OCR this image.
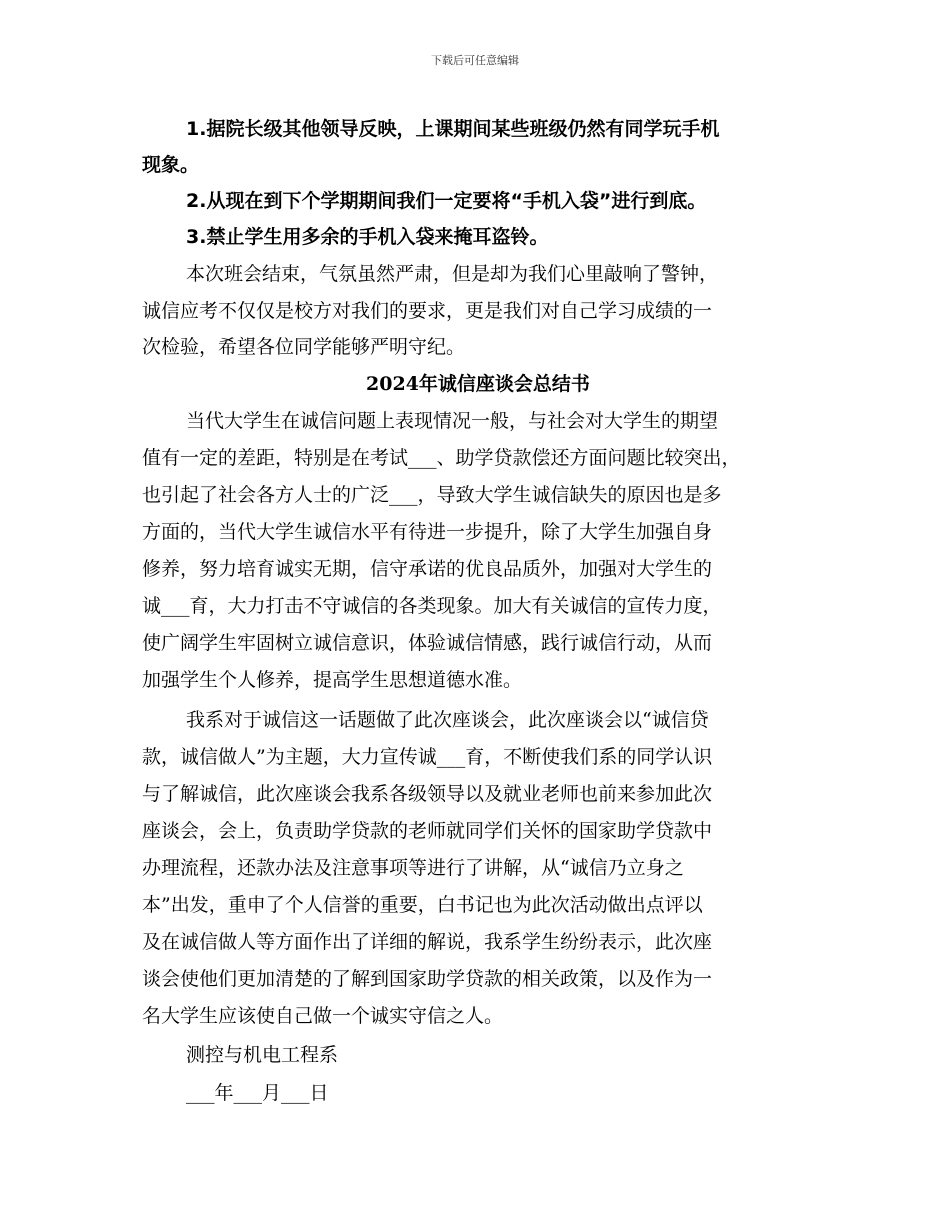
下载后可任意编辑
1.据院长级其他领导反映，上课期间某些班级仍然有同学玩手机
现象。
2.从现在到下个学期期间我们一定要将“手机入袋”进行到底。
3.禁止学生用多余的手机入袋来掩耳盗铃。
本次班会结束，气氛虽然严肃，但是却为我们心里敲响了警钟，
诚信应考不仅仅是校方对我们的要求，更是我们对自己学习成绩的一
次检验，希望各位同学能够严明守纪。
2024年诚信座谈会总结书
当代大学生在诚信问题上表现情况一般，与社会对大学生的期望
值有一定的差距，特别是在考试___、助学贷款偿还方面问题比较突出，
也引起了社会各方人士的广泛___，导致大学生诚信缺失的原因也是多
方面的，当代大学生诚信水平有待进一步提升，除了大学生加强自身
修养，努力培育诚实无期，信守承诺的优良品质外，加强对大学生的
诚___育，大力打击不守诚信的各类现象。加大有关诚信的宣传力度，
使广阔学生牢固树立诚信意识，体验诚信情感，践行诚信行动，从而
加强学生个人修养，提高学生思想道德水准。
我系对于诚信这一话题做了此次座谈会，此次座谈会以“诚信贷
款，诚信做人”为主题，大力宣传诚___育，不断使我们系的同学认识
与了解诚信，此次座谈会我系各级领导以及就业老师也前来参加此次
座谈会，会上，负责助学贷款的老师就同学们关怀的国家助学贷款中
办理流程，还款办法及注意事项等进行了讲解，从“诚信乃立身之
本”出发，重申了个人信誉的重要，白书记也为此次活动做出点评以
及在诚信做人等方面作出了详细的解说，我系学生纷纷表示，此次座
谈会使他们更加清楚的了解到国家助学贷款的相关政策，以及作为一
名大学生应该使自己做一个诚实守信之人。
测控与机电工程系
___年___月___日
